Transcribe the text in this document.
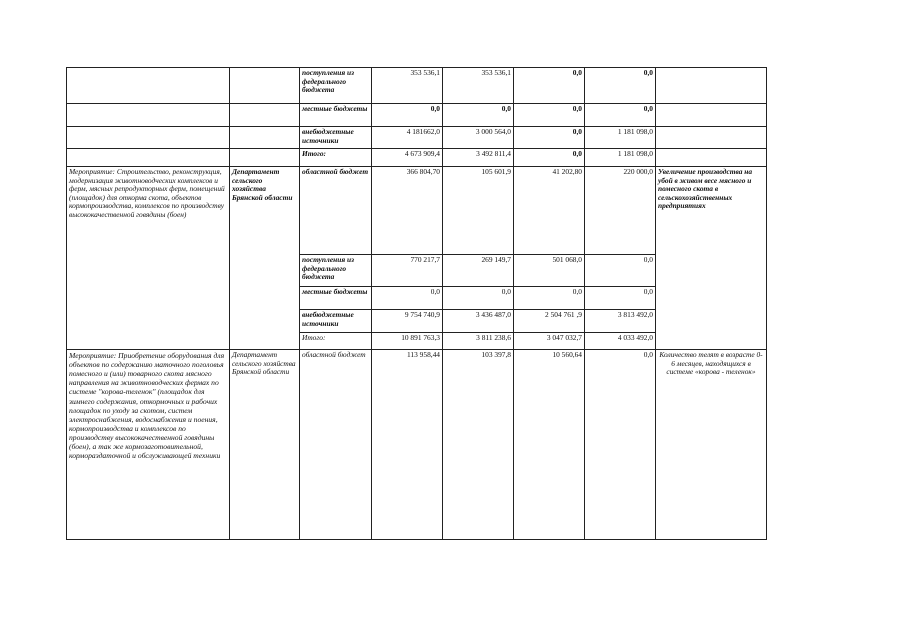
		поступления из федерального бюджета	353 536,1	353 536,1	0,0	0,0	
		местные бюджеты	0,0	0,0	0,0	0,0	
		внебюджетные источники	4 181662,0	3 000 564,0	0,0	1 181 098,0	
		Итого:	4 673 909,4	3 492 811,4	0,0	1 181 098,0	
Мероприятие: Строительство, реконструкция, модернизация животноводческих комплексов и ферм, мясных репродукторных ферм, помещений (площадок) для откорма скота, объектов кормопроизводства, комплексов по производству высококачественной говядины (боен)	Департамент сельского хозяйства Брянской области	областной бюджет	366 804,70	105 601,9	41 202,80	220 000,0	Увеличение производства на убой в живом весе мясного и помесного скота в сельскохозяйственных предприятиях
		поступления из федерального бюджета	770 217,7	269 149,7	501 068,0	0,0	
		местные бюджеты	0,0	0,0	0,0	0,0	
		внебюджетные источники	9 754 740,9	3 436 487,0	2 504 761 ,9	3 813 492,0	
		Итого:	10 891 763,3	3 811 238,6	3 047 032,7	4 033 492,0	
Мероприятие: Приобретение оборудования для объектов по содержанию маточного поголовья помесного и (или) товарного скота мясного направления на животноводческих фермах по системе "корова-теленок" (площадок для зимнего содержания, откормочных и рабочих площадок по уходу за скотом, систем электроснабжения, водоснабжения и поения, кормопроизводства и комплексов по производству высококачественной говядины (боен), а так же кормозаготовительной, кормораздаточной и обслуживающей техники	Департамент сельского хозяйства Брянской области	областной бюджет	113 958,44	103 397,8	10 560,64	0,0	Количество телят в возрасте 0-6 месяцев, находящихся в системе «корова - теленок»
